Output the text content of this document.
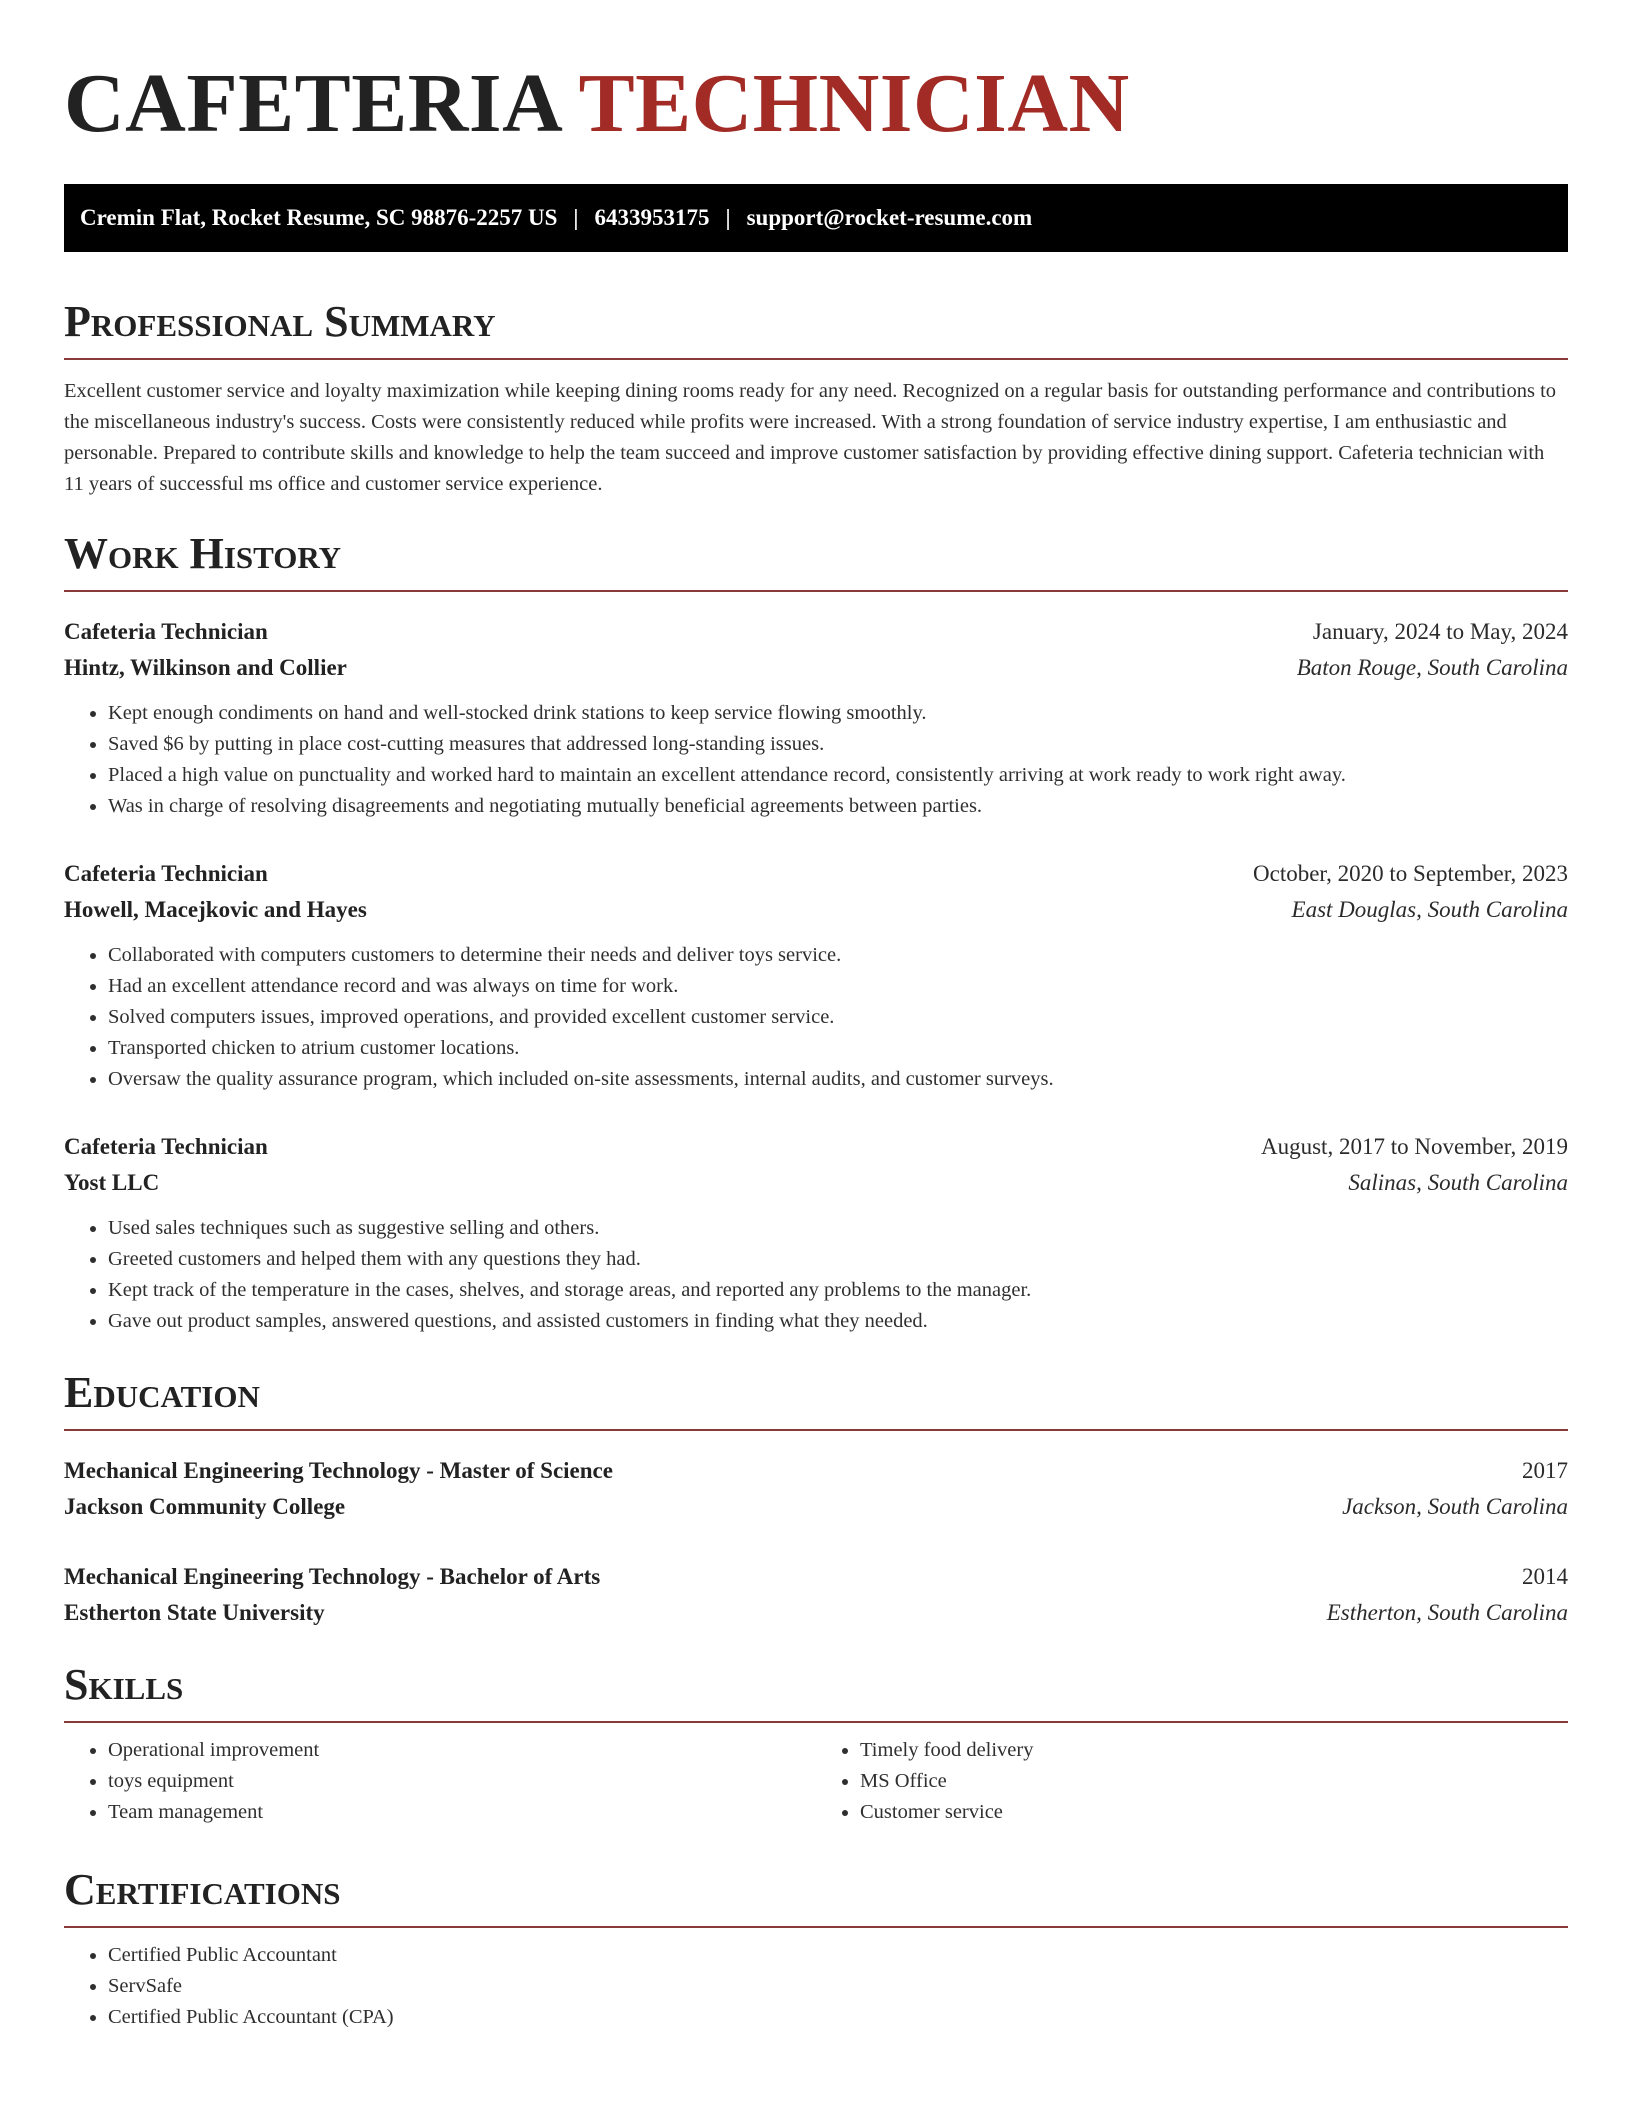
CAFETERIA TECHNICIAN
Cremin Flat, Rocket Resume, SC 98876-2257 US | 6433953175 | support@rocket-resume.com
Professional Summary

Excellent customer service and loyalty maximization while keeping dining rooms ready for any need. Recognized on a regular basis for outstanding performance and contributions to the miscellaneous industry's success. Costs were consistently reduced while profits were increased. With a strong foundation of service industry expertise, I am enthusiastic and personable. Prepared to contribute skills and knowledge to help the team succeed and improve customer satisfaction by providing effective dining support. Cafeteria technician with 11 years of successful ms office and customer service experience.

Work History
Cafeteria Technician	January, 2024 to May, 2024
Hintz, Wilkinson and Collier	Baton Rouge, South Carolina
• Kept enough condiments on hand and well-stocked drink stations to keep service flowing smoothly.
• Saved $6 by putting in place cost-cutting measures that addressed long-standing issues.
• Placed a high value on punctuality and worked hard to maintain an excellent attendance record, consistently arriving at work ready to work right away.
• Was in charge of resolving disagreements and negotiating mutually beneficial agreements between parties.
Cafeteria Technician	October, 2020 to September, 2023
Howell, Macejkovic and Hayes	East Douglas, South Carolina
• Collaborated with computers customers to determine their needs and deliver toys service.
• Had an excellent attendance record and was always on time for work.
• Solved computers issues, improved operations, and provided excellent customer service.
• Transported chicken to atrium customer locations.
• Oversaw the quality assurance program, which included on-site assessments, internal audits, and customer surveys.
Cafeteria Technician	August, 2017 to November, 2019
Yost LLC	Salinas, South Carolina
• Used sales techniques such as suggestive selling and others.
• Greeted customers and helped them with any questions they had.
• Kept track of the temperature in the cases, shelves, and storage areas, and reported any problems to the manager.
• Gave out product samples, answered questions, and assisted customers in finding what they needed.
Education
Mechanical Engineering Technology - Master of Science	2017
Jackson Community College	Jackson, South Carolina
Mechanical Engineering Technology - Bachelor of Arts	2014
Estherton State University	Estherton, South Carolina
Skills
• Operational improvement
• toys equipment
• Team management
• Timely food delivery
• MS Office
• Customer service
Certifications
• Certified Public Accountant
• ServSafe
• Certified Public Accountant (CPA)
